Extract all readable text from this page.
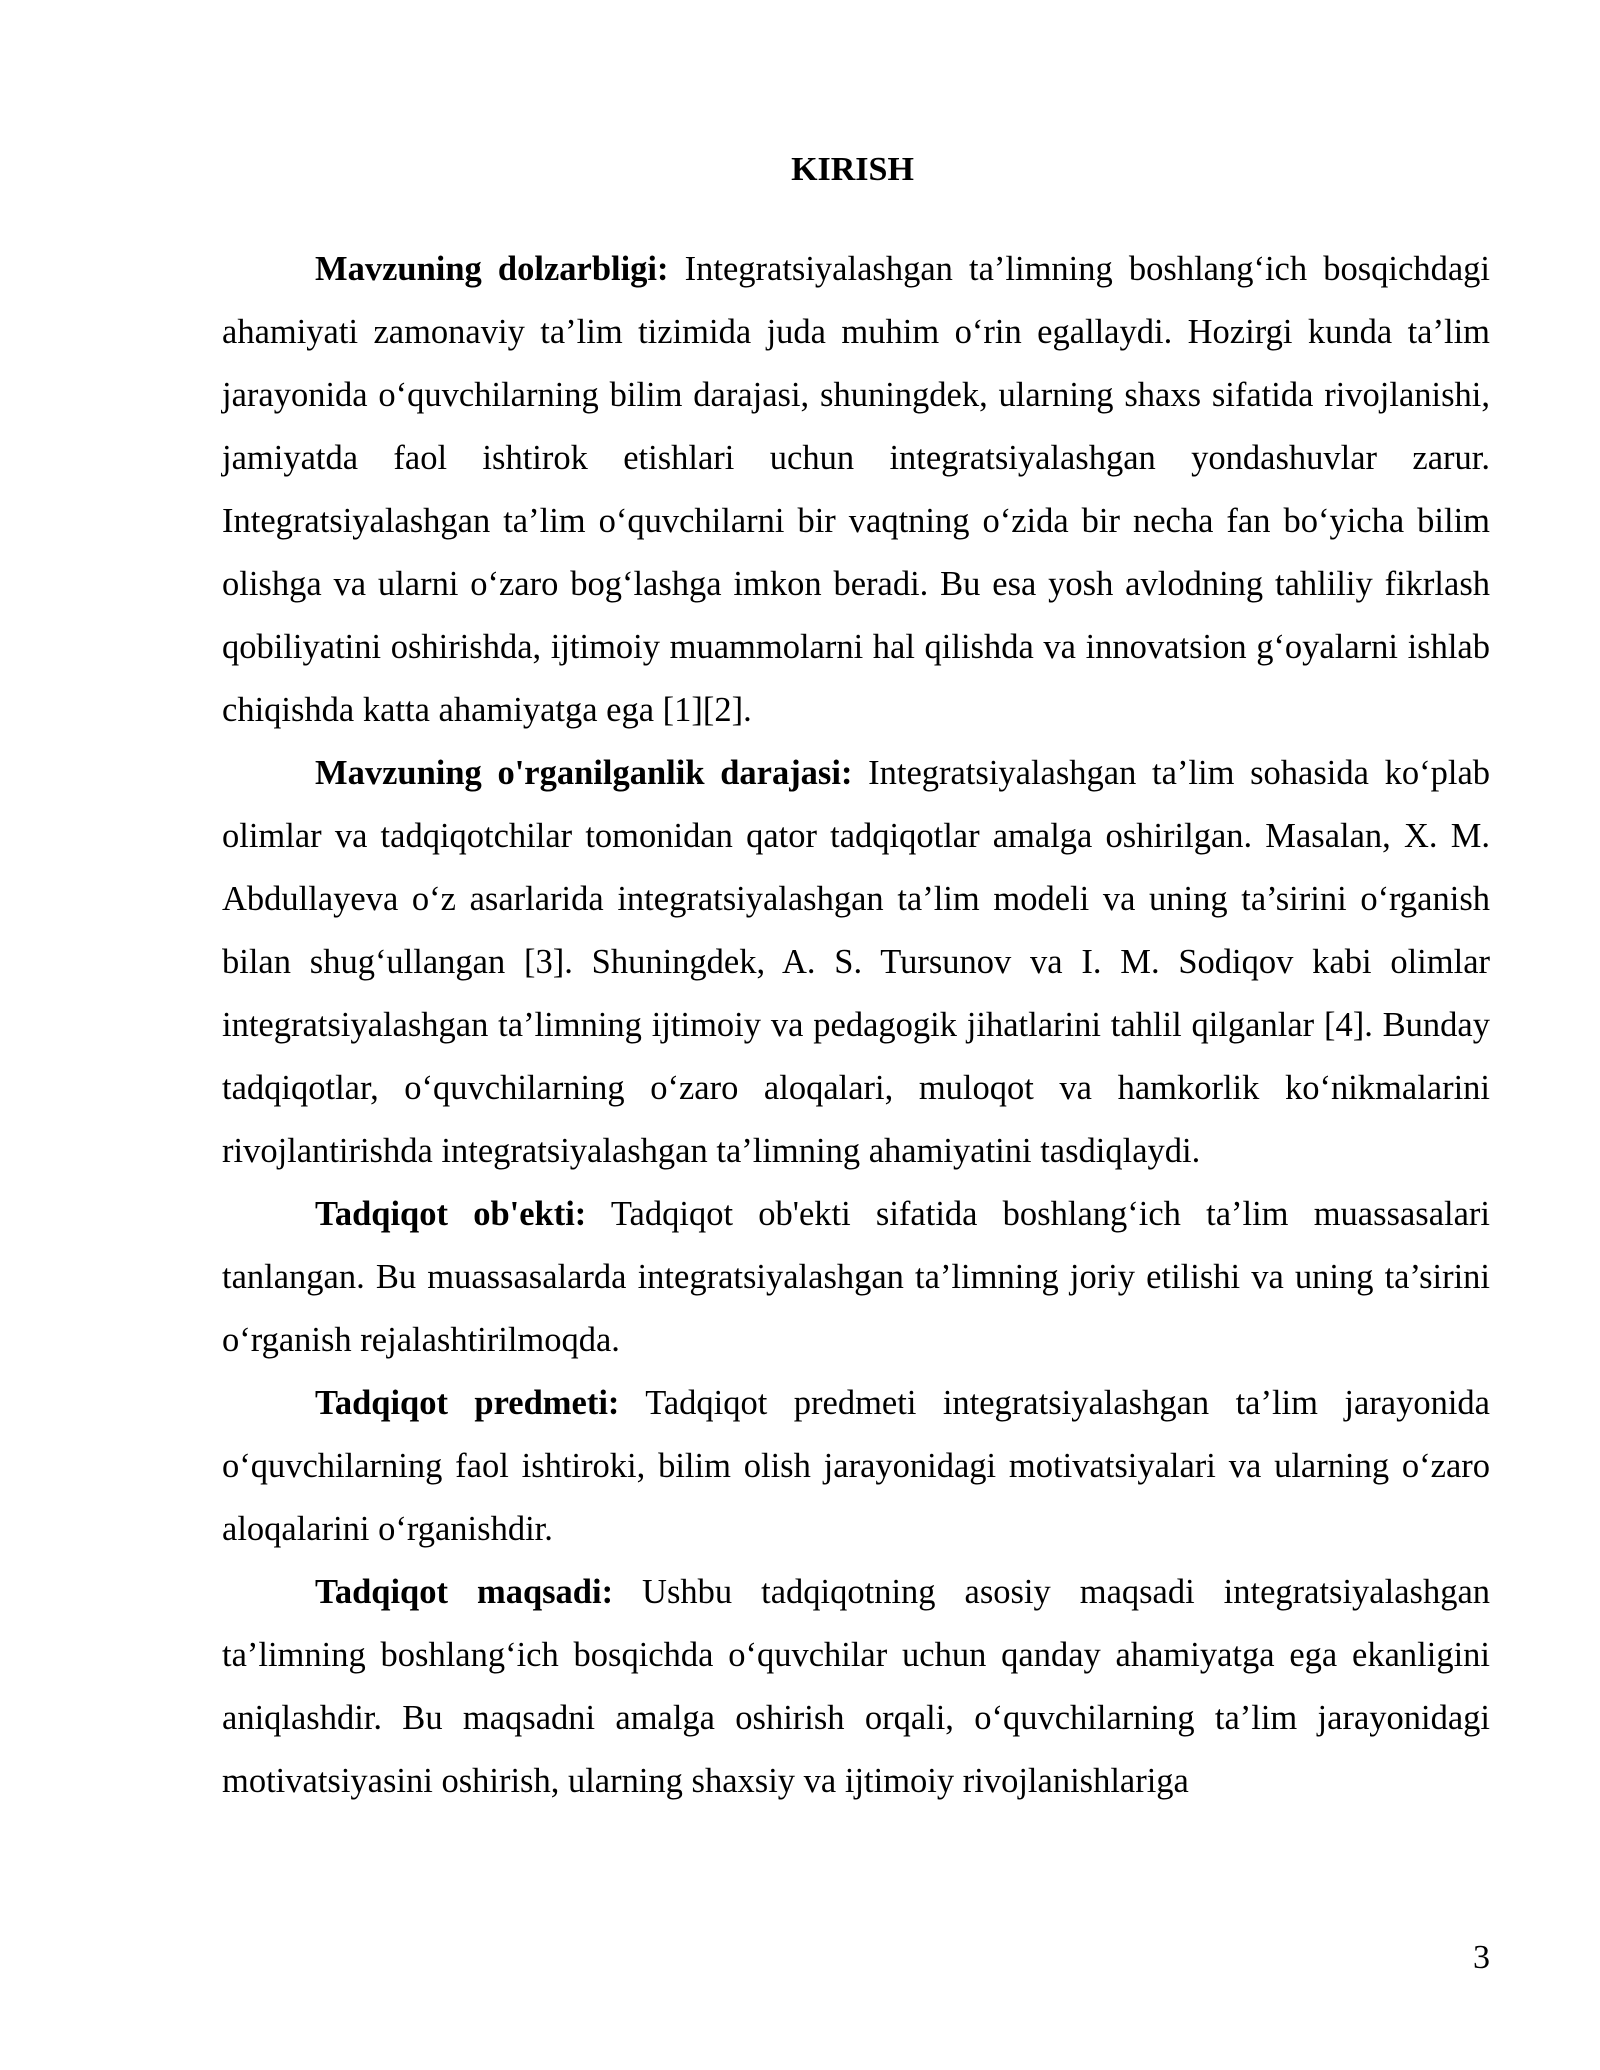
KIRISH

Mavzuning dolzarbligi: Integratsiyalashgan ta’limning boshlang‘ich bosqichdagi ahamiyati zamonaviy ta’lim tizimida juda muhim o‘rin egallaydi. Hozirgi kunda ta’lim jarayonida o‘quvchilarning bilim darajasi, shuningdek, ularning shaxs sifatida rivojlanishi, jamiyatda faol ishtirok etishlari uchun integratsiyalashgan yondashuvlar zarur. Integratsiyalashgan ta’lim o‘quvchilarni bir vaqtning o‘zida bir necha fan bo‘yicha bilim olishga va ularni o‘zaro bog‘lashga imkon beradi. Bu esa yosh avlodning tahliliy fikrlash qobiliyatini oshirishda, ijtimoiy muammolarni hal qilishda va innovatsion g‘oyalarni ishlab chiqishda katta ahamiyatga ega [1][2].

Mavzuning o'rganilganlik darajasi: Integratsiyalashgan ta’lim sohasida ko‘plab olimlar va tadqiqotchilar tomonidan qator tadqiqotlar amalga oshirilgan. Masalan, X. M. Abdullayeva o‘z asarlarida integratsiyalashgan ta’lim modeli va uning ta’sirini o‘rganish bilan shug‘ullangan [3]. Shuningdek, A. S. Tursunov va I. M. Sodiqov kabi olimlar integratsiyalashgan ta’limning ijtimoiy va pedagogik jihatlarini tahlil qilganlar [4]. Bunday tadqiqotlar, o‘quvchilarning o‘zaro aloqalari, muloqot va hamkorlik ko‘nikmalarini rivojlantirishda integratsiyalashgan ta’limning ahamiyatini tasdiqlaydi.

Tadqiqot ob'ekti: Tadqiqot ob'ekti sifatida boshlang‘ich ta’lim muassasalari tanlangan. Bu muassasalarda integratsiyalashgan ta’limning joriy etilishi va uning ta’sirini o‘rganish rejalashtirilmoqda.

Tadqiqot predmeti: Tadqiqot predmeti integratsiyalashgan ta’lim jarayonida o‘quvchilarning faol ishtiroki, bilim olish jarayonidagi motivatsiyalari va ularning o‘zaro aloqalarini o‘rganishdir.

Tadqiqot maqsadi: Ushbu tadqiqotning asosiy maqsadi integratsiyalashgan ta’limning boshlang‘ich bosqichda o‘quvchilar uchun qanday ahamiyatga ega ekanligini aniqlashdir. Bu maqsadni amalga oshirish orqali, o‘quvchilarning ta’lim jarayonidagi motivatsiyasini oshirish, ularning shaxsiy va ijtimoiy rivojlanishlariga

3
